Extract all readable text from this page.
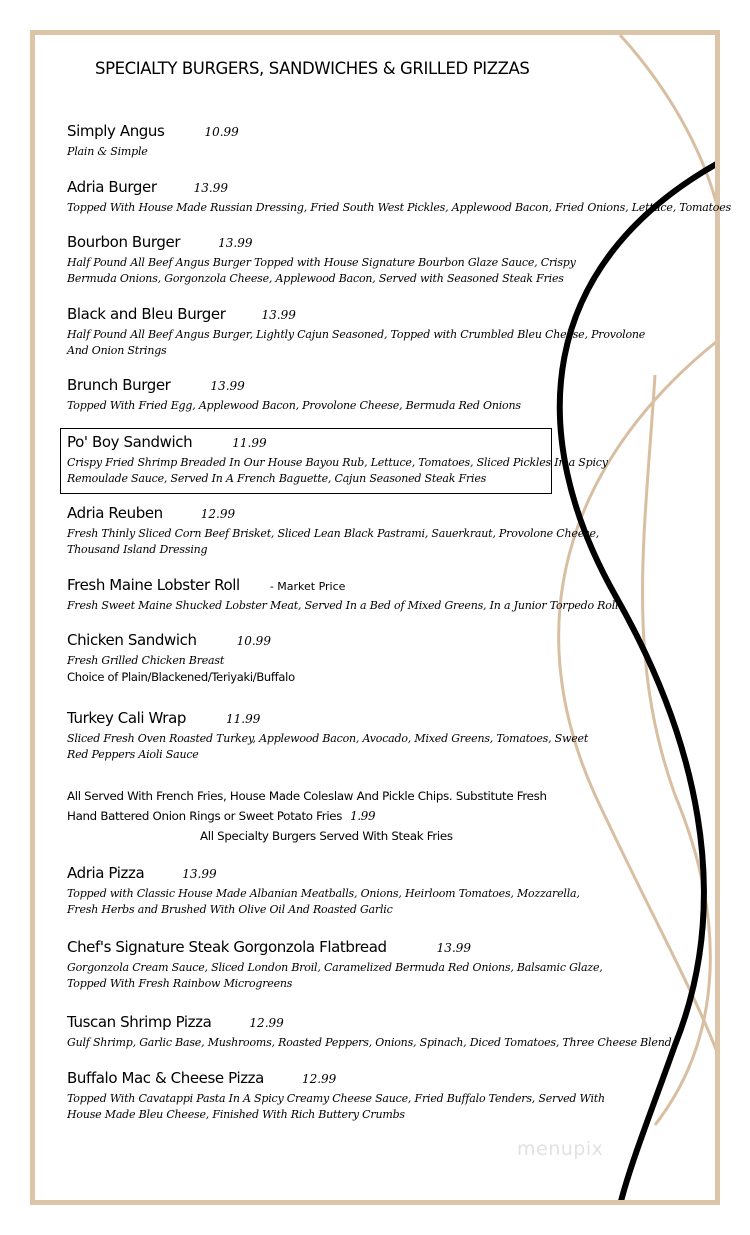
SPECIALTY BURGERS, SANDWICHES & GRILLED PIZZAS
Simply Angus	10.99
Plain & Simple
Adria Burger	13.99
Topped With House Made Russian Dressing, Fried South West Pickles, Applewood Bacon, Fried Onions, Lettuce, Tomatoes
Bourbon Burger	13.99
Half Pound All Beef Angus Burger Topped with House Signature Bourbon Glaze Sauce, Crispy
Bermuda Onions, Gorgonzola Cheese, Applewood Bacon, Served with Seasoned Steak Fries
Black and Bleu Burger	13.99
Half Pound All Beef Angus Burger, Lightly Cajun Seasoned, Topped with Crumbled Bleu Cheese, Provolone
And Onion Strings
Brunch Burger	13.99
Topped With Fried Egg, Applewood Bacon, Provolone Cheese, Bermuda Red Onions
Po' Boy Sandwich	11.99
Crispy Fried Shrimp Breaded In Our House Bayou Rub, Lettuce, Tomatoes, Sliced Pickles In a Spicy
Remoulade Sauce, Served In A French Baguette, Cajun Seasoned Steak Fries
Adria Reuben	12.99
Fresh Thinly Sliced Corn Beef Brisket, Sliced Lean Black Pastrami, Sauerkraut, Provolone Cheese,
Thousand Island Dressing
Fresh Maine Lobster Roll	- Market Price
Fresh Sweet Maine Shucked Lobster Meat, Served In a Bed of Mixed Greens, In a Junior Torpedo Roll
Chicken Sandwich	10.99
Fresh Grilled Chicken Breast
Choice of Plain/Blackened/Teriyaki/Buffalo
Turkey Cali Wrap	11.99
Sliced Fresh Oven Roasted Turkey, Applewood Bacon, Avocado, Mixed Greens, Tomatoes, Sweet
Red Peppers Aioli Sauce
All Served With French Fries, House Made Coleslaw And Pickle Chips. Substitute Fresh
Hand Battered Onion Rings or Sweet Potato Fries 1.99
All Specialty Burgers Served With Steak Fries
Adria Pizza	13.99
Topped with Classic House Made Albanian Meatballs, Onions, Heirloom Tomatoes, Mozzarella,
Fresh Herbs and Brushed With Olive Oil And Roasted Garlic
Chef's Signature Steak Gorgonzola Flatbread	13.99
Gorgonzola Cream Sauce, Sliced London Broil, Caramelized Bermuda Red Onions, Balsamic Glaze,
Topped With Fresh Rainbow Microgreens
Tuscan Shrimp Pizza	12.99
Gulf Shrimp, Garlic Base, Mushrooms, Roasted Peppers, Onions, Spinach, Diced Tomatoes, Three Cheese Blend
Buffalo Mac & Cheese Pizza	12.99
Topped With Cavatappi Pasta In A Spicy Creamy Cheese Sauce, Fried Buffalo Tenders, Served With
House Made Bleu Cheese, Finished With Rich Buttery Crumbs
menupix
